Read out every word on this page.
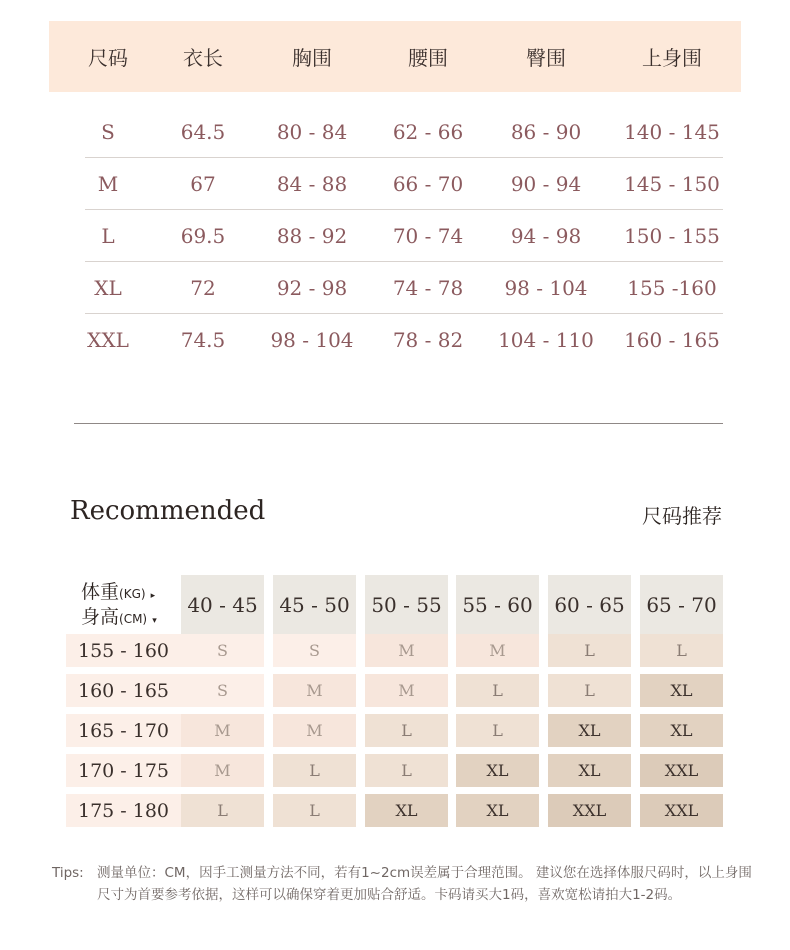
尺码	衣长	胸围	腰围	臀围	上身围
S	64.5	80 - 84	62 - 66	86 - 90	140 - 145
M	67	84 - 88	66 - 70	90 - 94	145 - 150
L	69.5	88 - 92	70 - 74	94 - 98	150 - 155
XL	72	92 - 98	74 - 78	98 - 104	155 -160
XXL	74.5	98 - 104	78 - 82	104 - 110	160 - 165
Recommended	尺码推荐
体重(KG) ▸
身高(CM) ▾
40 - 45	45 - 50	50 - 55	55 - 60	60 - 65	65 - 70
155 - 160	S	S	M	M	L	L
160 - 165	S	M	M	L	L	XL
165 - 170	M	M	L	L	XL	XL
170 - 175	M	L	L	XL	XL	XXL
175 - 180	L	L	XL	XL	XXL	XXL
Tips: 测量单位：CM，因手工测量方法不同，若有1~2cm误差属于合理范围。 建议您在选择体服尺码时，以上身围尺寸为首要参考依据，这样可以确保穿着更加贴合舒适。卡码请买大1码，喜欢宽松请拍大1-2码。
